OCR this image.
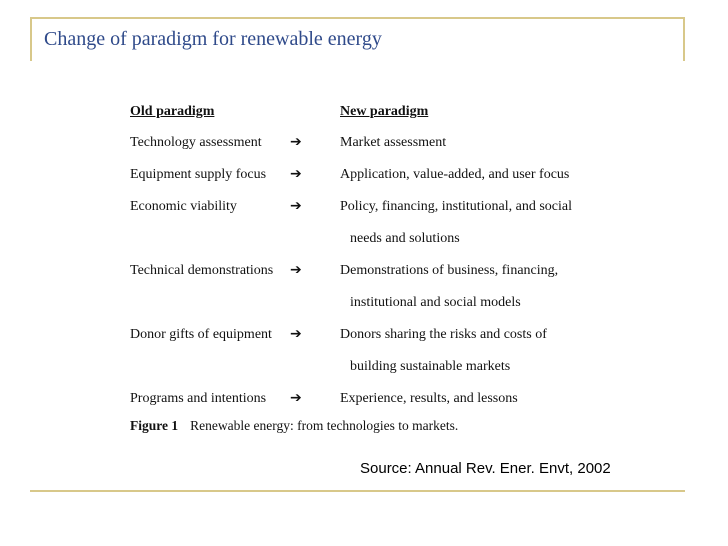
Change of paradigm for renewable energy
Old paradigm	New paradigm
Technology assessment ➔	Market assessment
Equipment supply focus ➔	Application, value-added, and user focus
Economic viability	➔	Policy, financing, institutional, and social
needs and solutions
Technical demonstrations ➔	Demonstrations of business, financing,
institutional and social models
Donor gifts of equipment ➔	Donors sharing the risks and costs of
building sustainable markets
Programs and intentions ➔	Experience, results, and lessons
Figure 1 Renewable energy: from technologies to markets.
Source: Annual Rev. Ener. Envt, 2002
